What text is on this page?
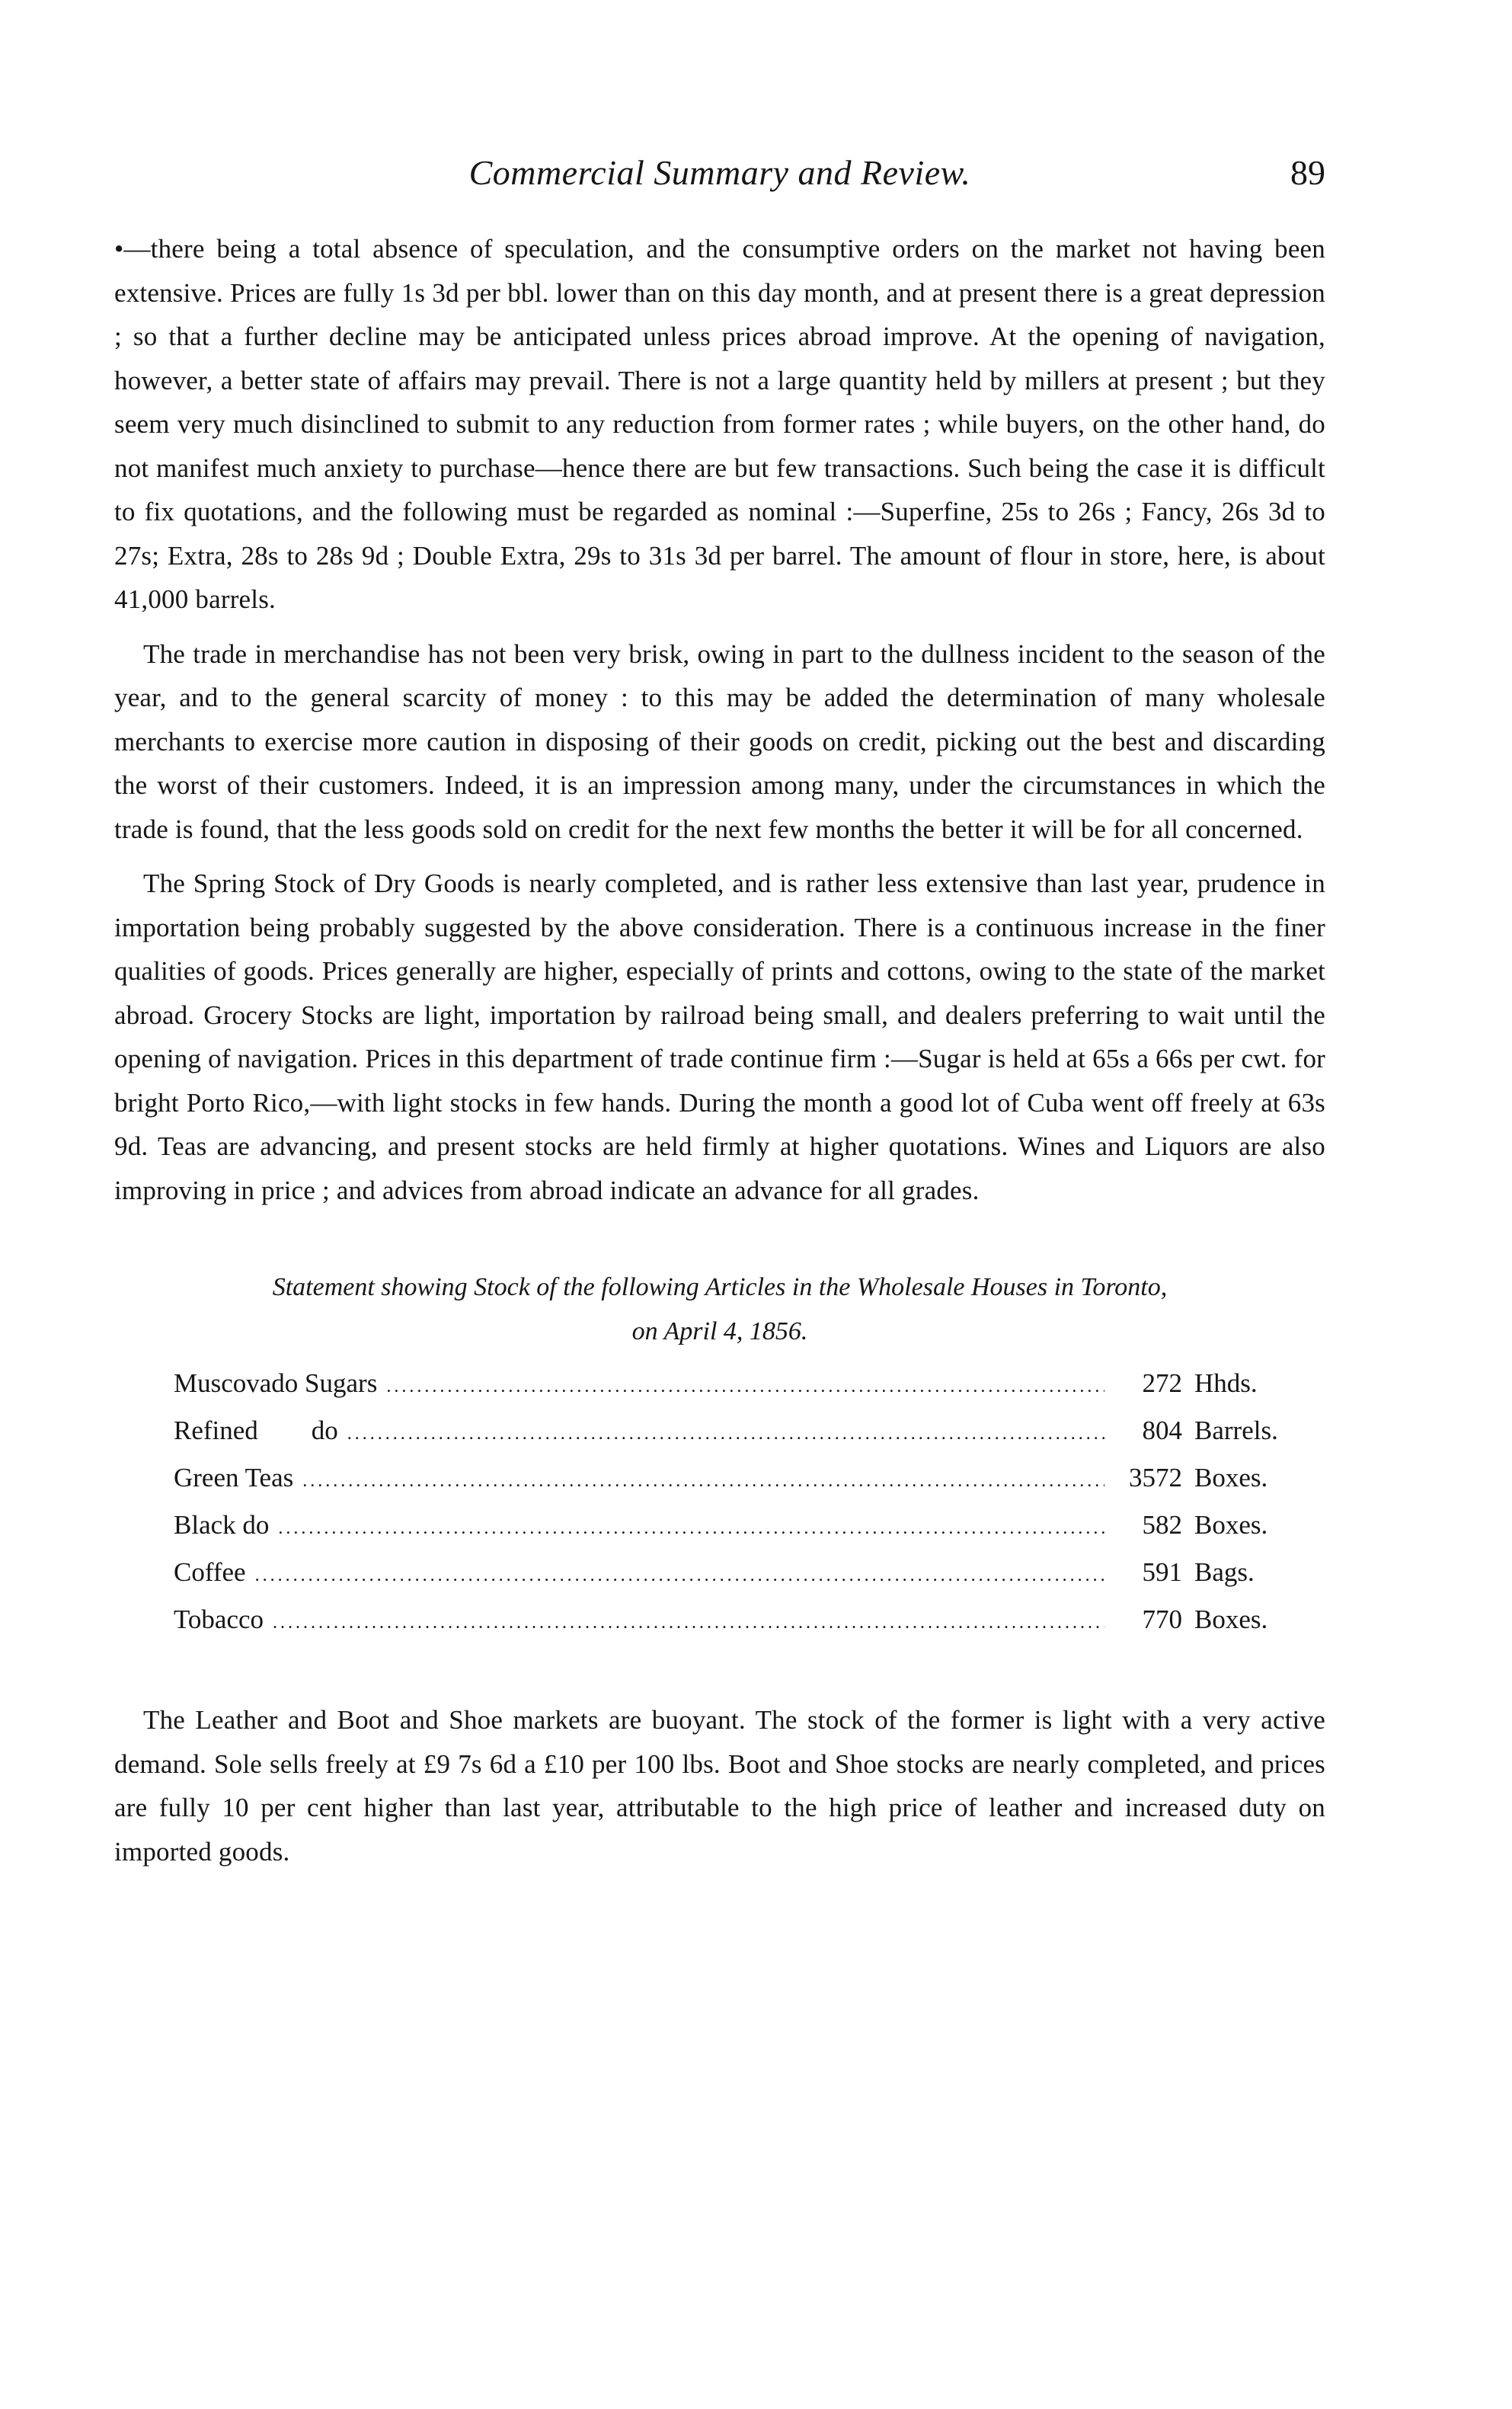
Commercial Summary and Review.	89

•—there being a total absence of speculation, and the consumptive orders on the market not having been extensive. Prices are fully 1s 3d per bbl. lower than on this day month, and at present there is a great depression ; so that a further decline may be anticipated unless prices abroad improve. At the opening of navigation, however, a better state of affairs may prevail. There is not a large quantity held by millers at present ; but they seem very much disinclined to submit to any reduction from former rates ; while buyers, on the other hand, do not manifest much anxiety to purchase—hence there are but few transactions. Such being the case it is difficult to fix quotations, and the following must be regarded as nominal :—Superfine, 25s to 26s ; Fancy, 26s 3d to 27s; Extra, 28s to 28s 9d ; Double Extra, 29s to 31s 3d per barrel. The amount of flour in store, here, is about 41,000 barrels.

The trade in merchandise has not been very brisk, owing in part to the dullness incident to the season of the year, and to the general scarcity of money : to this may be added the determination of many wholesale merchants to exercise more caution in disposing of their goods on credit, picking out the best and discarding the worst of their customers. Indeed, it is an impression among many, under the circumstances in which the trade is found, that the less goods sold on credit for the next few months the better it will be for all concerned.

The Spring Stock of Dry Goods is nearly completed, and is rather less extensive than last year, prudence in importation being probably suggested by the above consideration. There is a continuous increase in the finer qualities of goods. Prices generally are higher, especially of prints and cottons, owing to the state of the market abroad. Grocery Stocks are light, importation by railroad being small, and dealers preferring to wait until the opening of navigation. Prices in this department of trade continue firm :—Sugar is held at 65s a 66s per cwt. for bright Porto Rico,—with light stocks in few hands. During the month a good lot of Cuba went off freely at 63s 9d. Teas are advancing, and present stocks are held firmly at higher quotations. Wines and Liquors are also improving in price ; and advices from abroad indicate an advance for all grades.

Statement showing Stock of the following Articles in the Wholesale Houses in Toronto,
on April 4, 1856.
Muscovado Sugars .....	272 Hhds.
Refined        do .....	804 Barrels.
Green Teas .....	3572 Boxes.
Black do .....	582 Boxes.
Coffee .....	591 Bags.
Tobacco .....	770 Boxes.

The Leather and Boot and Shoe markets are buoyant. The stock of the former is light with a very active demand. Sole sells freely at £9 7s 6d a £10 per 100 lbs. Boot and Shoe stocks are nearly completed, and prices are fully 10 per cent higher than last year, attributable to the high price of leather and increased duty on imported goods.
